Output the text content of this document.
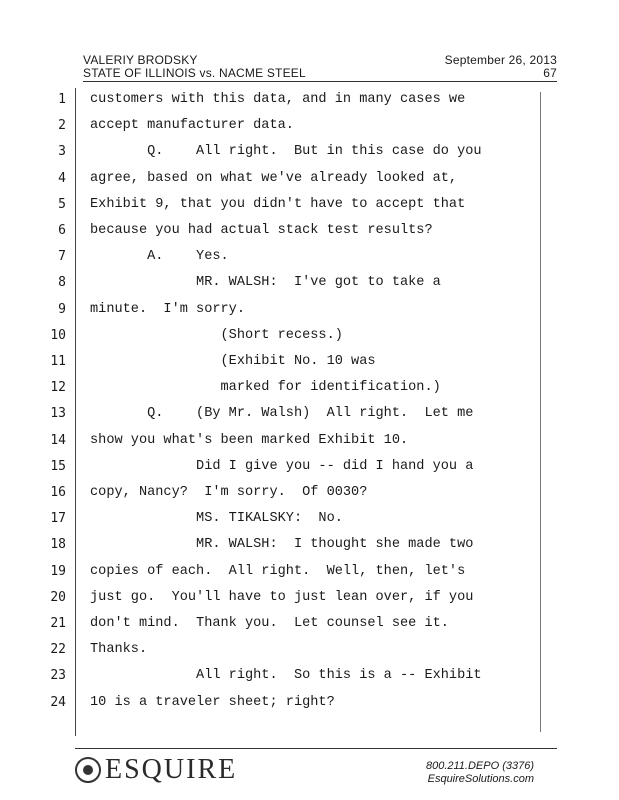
VALERIY BRODSKY
STATE OF ILLINOIS vs. NACME STEEL
September 26, 2013
67
1 customers with this data, and in many cases we
2 accept manufacturer data.
3 Q.    All right.  But in this case do you
4 agree, based on what we've already looked at,
5 Exhibit 9, that you didn't have to accept that
6 because you had actual stack test results?
7 A.    Yes.
8 MR. WALSH:  I've got to take a
9 minute.  I'm sorry.
10 (Short recess.)
11 (Exhibit No. 10 was
12 marked for identification.)
13 Q.    (By Mr. Walsh)  All right.  Let me
14 show you what's been marked Exhibit 10.
15 Did I give you -- did I hand you a
16 copy, Nancy?  I'm sorry.  Of 0030?
17 MS. TIKALSKY:  No.
18 MR. WALSH:  I thought she made two
19 copies of each.  All right.  Well, then, let's
20 just go.  You'll have to just lean over, if you
21 don't mind.  Thank you.  Let counsel see it.
22 Thanks.
23 All right.  So this is a -- Exhibit
24 10 is a traveler sheet; right?
ESQUIRE	800.211.DEPO (3376)
EsquireSolutions.com
